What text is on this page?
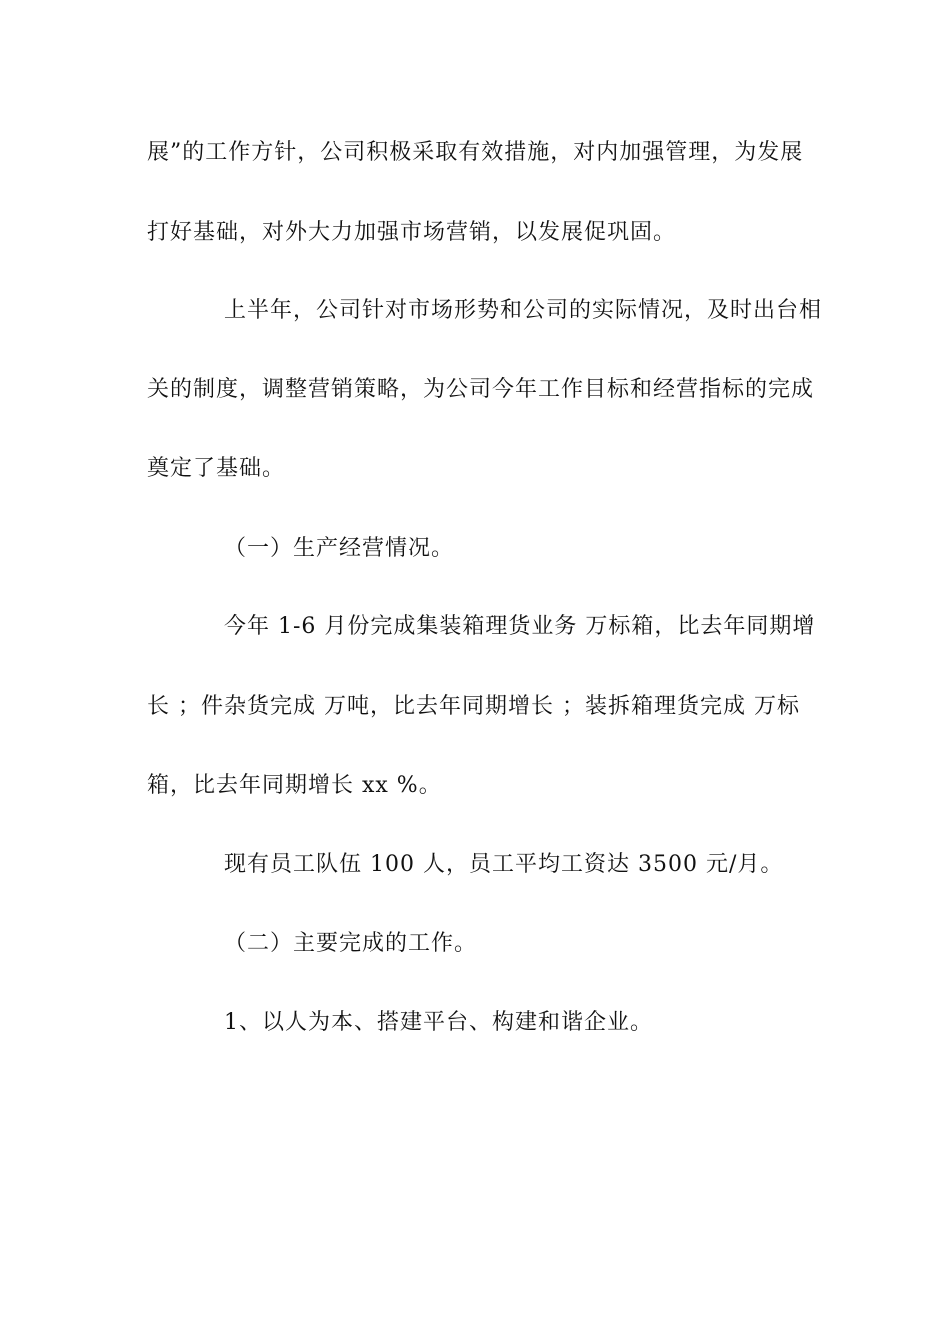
展”的工作方针，公司积极采取有效措施，对内加强管理，为发展
打好基础，对外大力加强市场营销，以发展促巩固。
上半年，公司针对市场形势和公司的实际情况，及时出台相
关的制度，调整营销策略，为公司今年工作目标和经营指标的完成
奠定了基础。
（一）生产经营情况。
今年 1-6 月份完成集装箱理货业务 万标箱，比去年同期增
长 ；件杂货完成 万吨，比去年同期增长 ；装拆箱理货完成 万标
箱，比去年同期增长 xx %。
现有员工队伍 100 人，员工平均工资达 3500 元/月。
（二）主要完成的工作。
1、以人为本、搭建平台、构建和谐企业。
